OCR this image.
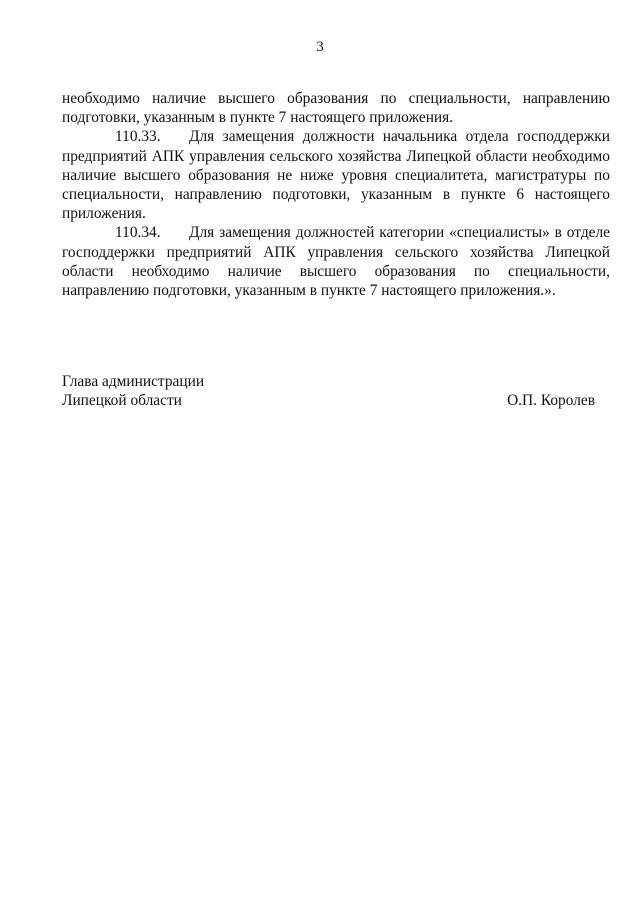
3

необходимо наличие высшего образования по специальности, направлению подготовки, указанным в пункте 7 настоящего приложения.

110.33. Для замещения должности начальника отдела господдержки предприятий АПК управления сельского хозяйства Липецкой области необходимо наличие высшего образования не ниже уровня специалитета, магистратуры по специальности, направлению подготовки, указанным в пункте 6 настоящего приложения.

110.34. Для замещения должностей категории «специалисты» в отделе господдержки предприятий АПК управления сельского хозяйства Липецкой области необходимо наличие высшего образования по специальности, направлению подготовки, указанным в пункте 7 настоящего приложения.».

Глава администрации
Липецкой области	О.П. Королев
